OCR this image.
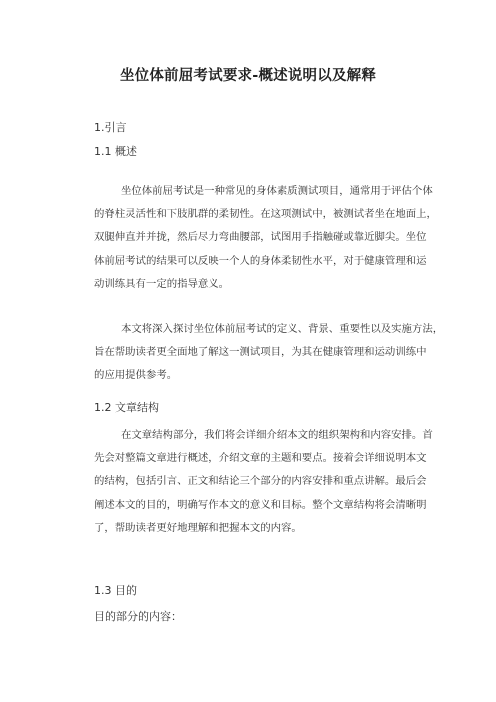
坐位体前屈考试要求-概述说明以及解释
1.引言
1.1 概述
坐位体前屈考试是一种常见的身体素质测试项目，通常用于评估个体
的脊柱灵活性和下肢肌群的柔韧性。在这项测试中，被测试者坐在地面上，
双腿伸直并并拢，然后尽力弯曲腰部，试图用手指触碰或靠近脚尖。坐位
体前屈考试的结果可以反映一个人的身体柔韧性水平，对于健康管理和运
动训练具有一定的指导意义。
本文将深入探讨坐位体前屈考试的定义、背景、重要性以及实施方法，
旨在帮助读者更全面地了解这一测试项目，为其在健康管理和运动训练中
的应用提供参考。
1.2 文章结构
在文章结构部分，我们将会详细介绍本文的组织架构和内容安排。首
先会对整篇文章进行概述，介绍文章的主题和要点。接着会详细说明本文
的结构，包括引言、正文和结论三个部分的内容安排和重点讲解。最后会
阐述本文的目的，明确写作本文的意义和目标。整个文章结构将会清晰明
了，帮助读者更好地理解和把握本文的内容。
1.3 目的
目的部分的内容：
